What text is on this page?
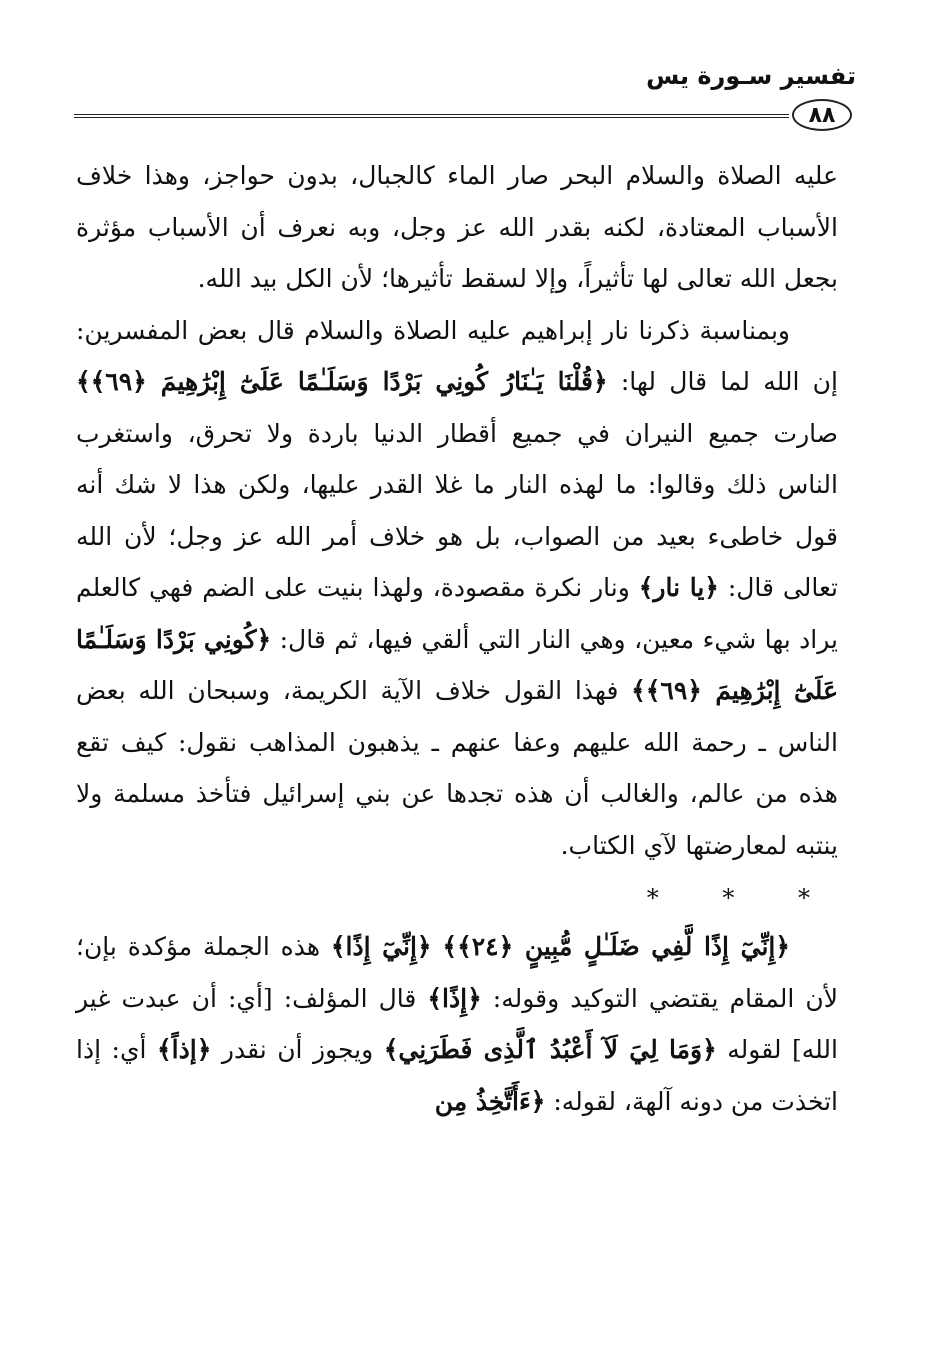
تفسير سـورة يس
٨٨

عليه الصلاة والسلام البحر صار الماء كالجبال، بدون حواجز، وهذا خلاف الأسباب المعتادة، لكنه بقدر الله عز وجل، وبه نعرف أن الأسباب مؤثرة بجعل الله تعالى لها تأثيراً، وإلا لسقط تأثيرها؛ لأن الكل بيد الله.

وبمناسبة ذكرنا نار إبراهيم عليه الصلاة والسلام قال بعض المفسرين: إن الله لما قال لها: ﴿قُلْنَا يَـٰنَارُ كُونِي بَرْدًا وَسَلَـٰمًا عَلَىٰٓ إِبْرَٰهِيمَ ﴿٦٩﴾﴾ صارت جميع النيران في جميع أقطار الدنيا باردة ولا تحرق، واستغرب الناس ذلك وقالوا: ما لهذه النار ما غلا القدر عليها، ولكن هذا لا شك أنه قول خاطىء بعيد من الصواب، بل هو خلاف أمر الله عز وجل؛ لأن الله تعالى قال: ﴿يا نار﴾ ونار نكرة مقصودة، ولهذا بنيت على الضم فهي كالعلم يراد بها شيء معين، وهي النار التي ألقي فيها، ثم قال: ﴿كُونِي بَرْدًا وَسَلَـٰمًا عَلَىٰٓ إِبْرَٰهِيمَ ﴿٦٩﴾﴾ فهذا القول خلاف الآية الكريمة، وسبحان الله بعض الناس ـ رحمة الله عليهم وعفا عنهم ـ يذهبون المذاهب نقول: كيف تقع هذه من عالم، والغالب أن هذه تجدها عن بني إسرائيل فتأخذ مسلمة ولا ينتبه لمعارضتها لآي الكتاب.

* * *

﴿إِنِّيٓ إِذًا لَّفِي ضَلَـٰلٍ مُّبِينٍ ﴿٢٤﴾﴾ ﴿إِنِّيٓ إِذًا﴾ هذه الجملة مؤكدة بإن؛ لأن المقام يقتضي التوكيد وقوله: ﴿إِذًا﴾ قال المؤلف: [أي: أن عبدت غير الله] لقوله ﴿وَمَا لِيَ لَآ أَعْبُدُ ٱلَّذِى فَطَرَنِي﴾ ويجوز أن نقدر ﴿إذاً﴾ أي: إذا اتخذت من دونه آلهة، لقوله: ﴿ءَأَتَّخِذُ مِن
